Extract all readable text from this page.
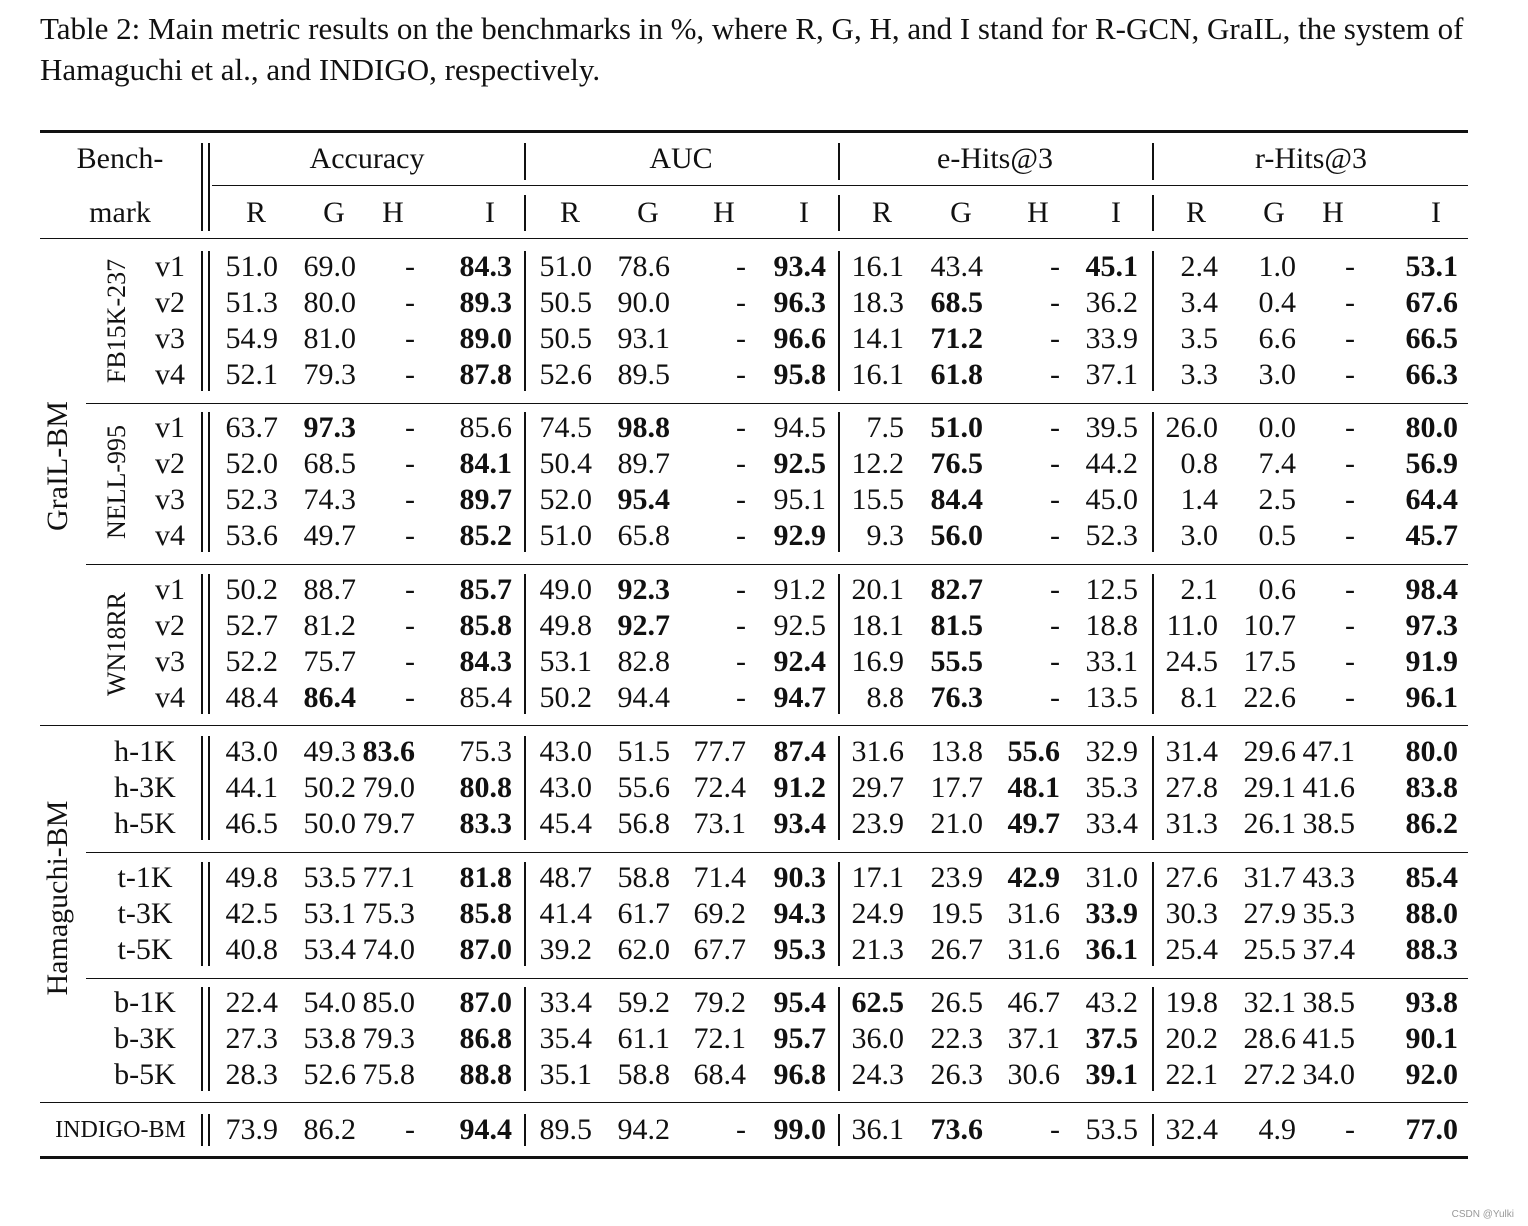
Table 2: Main metric results on the benchmarks in %, where R, G, H, and I stand for R-GCN, GraIL, the system of Hamaguchi et al., and INDIGO, respectively.
Bench-
mark
Accuracy	AUC	e-Hits@3	r-Hits@3
R	G	H	I	R	G	H	I	R	G	H	I	R	G	H	I
v1	51.0 69.0	-	84.3 51.0 78.6	- 93.4 16.1 43.4	- 45.1	2.4	1.0	-	53.1
v2	51.3 80.0	-	89.3 50.5 90.0	- 96.3 18.3 68.5	- 36.2	3.4	0.4	-	67.6
v3	54.9 81.0	-	89.0 50.5 93.1	- 96.6 14.1 71.2	- 33.9	3.5	6.6	-	66.5
v4	52.1 79.3	-	87.8 52.6 89.5	- 95.8 16.1 61.8	- 37.1	3.3	3.0	-	66.3
FB15K-237
v1	63.7 97.3	-	85.6 74.5 98.8	- 94.5	7.5 51.0	- 39.5 26.0	0.0	-	80.0
v2	52.0 68.5	-	84.1 50.4 89.7	- 92.5 12.2 76.5	- 44.2	0.8	7.4	-	56.9
v3	52.3 74.3	-	89.7 52.0 95.4	- 95.1 15.5 84.4	- 45.0	1.4	2.5	-	64.4
v4	53.6 49.7	-	85.2 51.0 65.8	- 92.9	9.3 56.0	- 52.3	3.0	0.5	-	45.7
NELL-995
v1	50.2 88.7	-	85.7 49.0 92.3	- 91.2 20.1 82.7	- 12.5	2.1	0.6	-	98.4
v2	52.7 81.2	-	85.8 49.8 92.7	- 92.5 18.1 81.5	- 18.8 11.0 10.7	-	97.3
v3	52.2 75.7	-	84.3 53.1 82.8	- 92.4 16.9 55.5	- 33.1 24.5 17.5	-	91.9
v4	48.4 86.4	-	85.4 50.2 94.4	- 94.7	8.8 76.3	- 13.5	8.1 22.6	-	96.1
WN18RR
GraIL-BM
h-1K	43.0 49.3 83.6	75.3 43.0 51.5 77.7 87.4 31.6 13.8 55.6 32.9 31.4 29.6 47.1	80.0
h-3K	44.1 50.2 79.0	80.8 43.0 55.6 72.4 91.2 29.7 17.7 48.1 35.3 27.8 29.1 41.6	83.8
h-5K	46.5 50.0 79.7	83.3 45.4 56.8 73.1 93.4 23.9 21.0 49.7 33.4 31.3 26.1 38.5	86.2
t-1K	49.8 53.5 77.1	81.8 48.7 58.8 71.4 90.3 17.1 23.9 42.9 31.0 27.6 31.7 43.3	85.4
t-3K	42.5 53.1 75.3	85.8 41.4 61.7 69.2 94.3 24.9 19.5 31.6 33.9 30.3 27.9 35.3	88.0
t-5K	40.8 53.4 74.0	87.0 39.2 62.0 67.7 95.3 21.3 26.7 31.6 36.1 25.4 25.5 37.4	88.3
b-1K	22.4 54.0 85.0	87.0 33.4 59.2 79.2 95.4 62.5 26.5 46.7 43.2 19.8 32.1 38.5	93.8
b-3K	27.3 53.8 79.3	86.8 35.4 61.1 72.1 95.7 36.0 22.3 37.1 37.5 20.2 28.6 41.5	90.1
b-5K	28.3 52.6 75.8	88.8 35.1 58.8 68.4 96.8 24.3 26.3 30.6 39.1 22.1 27.2 34.0	92.0
Hamaguchi-BM
INDIGO-BM	73.9 86.2	-	94.4 89.5 94.2	- 99.0 36.1 73.6	- 53.5 32.4	4.9	-	77.0
CSDN @Yulki
